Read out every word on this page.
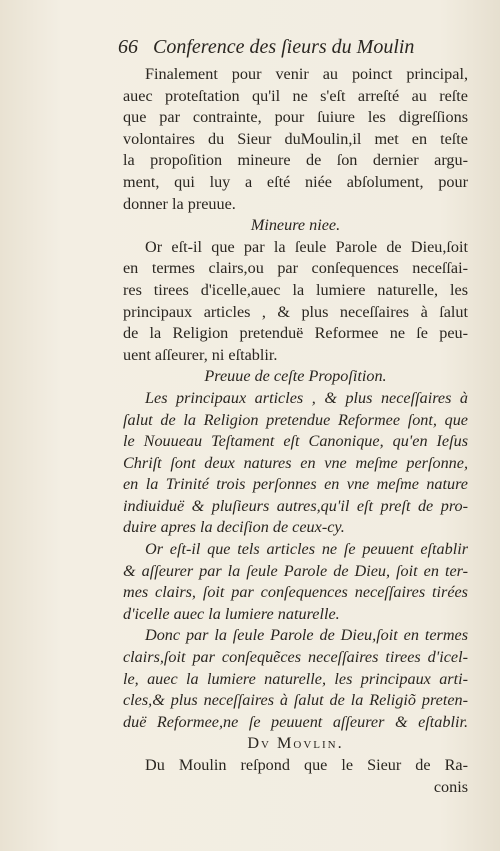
66 Conference des ſieurs du Moulin
Finalement pour venir au poinct principal,
auec proteſtation qu'il ne s'eſt arreſté au reſte
que par contrainte, pour ſuiure les digreſſions
volontaires du Sieur duMoulin,il met en teſte
la propoſition mineure de ſon dernier argu-
ment, qui luy a eſté niée abſolument, pour
donner la preuue.
Mineure niee.
Or eſt-il que par la ſeule Parole de Dieu,ſoit
en termes clairs,ou par conſequences neceſſai-
res tirees d'icelle,auec la lumiere naturelle, les
principaux articles , & plus neceſſaires à ſalut
de la Religion pretenduë Reformee ne ſe peu-
uent aſſeurer, ni eſtablir.
Preuue de ceſte Propoſition.
Les principaux articles , & plus neceſſaires à
ſalut de la Religion pretendue Reformee ſont, que
le Nouueau Teſtament eſt Canonique, qu'en Ieſus
Chriſt ſont deux natures en vne meſme perſonne,
en la Trinité trois perſonnes en vne meſme nature
indiuiduë & pluſieurs autres,qu'il eſt preſt de pro-
duire apres la deciſion de ceux-cy.
Or eſt-il que tels articles ne ſe peuuent eſtablir
& aſſeurer par la ſeule Parole de Dieu, ſoit en ter-
mes clairs, ſoit par conſequences neceſſaires tirées
d'icelle auec la lumiere naturelle.
Donc par la ſeule Parole de Dieu,ſoit en termes
clairs,ſoit par conſequẽces neceſſaires tirees d'icel-
le, auec la lumiere naturelle, les principaux arti-
cles,& plus neceſſaires à ſalut de la Religiõ preten-
duë Reformee,ne ſe peuuent aſſeurer & eſtablir.
Dv Movlin.
Du Moulin reſpond que le Sieur de Ra-
conis
